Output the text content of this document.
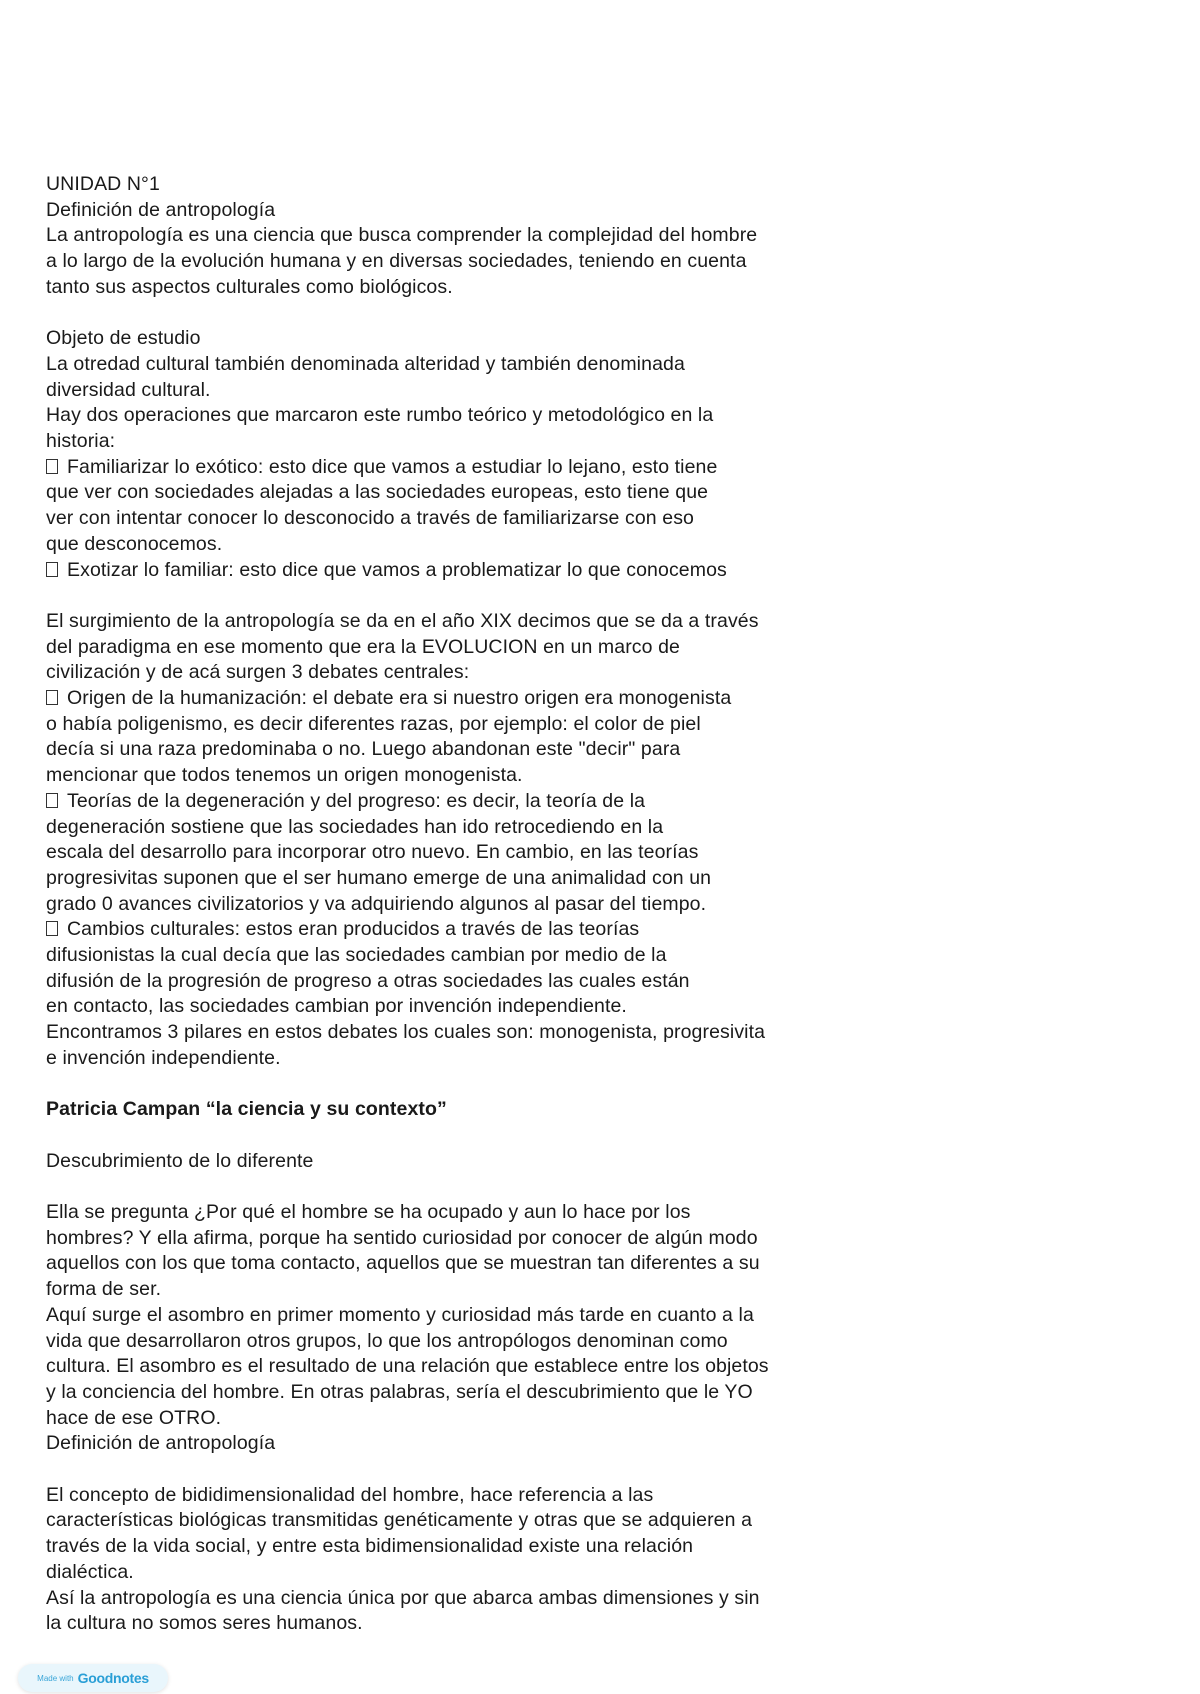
UNIDAD N°1
Definición de antropología
La antropología es una ciencia que busca comprender la complejidad del hombre
a lo largo de la evolución humana y en diversas sociedades, teniendo en cuenta
tanto sus aspectos culturales como biológicos.
Objeto de estudio
La otredad cultural también denominada alteridad y también denominada
diversidad cultural.
Hay dos operaciones que marcaron este rumbo teórico y metodológico en la
historia:
Familiarizar lo exótico: esto dice que vamos a estudiar lo lejano, esto tiene
que ver con sociedades alejadas a las sociedades europeas, esto tiene que
ver con intentar conocer lo desconocido a través de familiarizarse con eso
que desconocemos.
Exotizar lo familiar: esto dice que vamos a problematizar lo que conocemos
El surgimiento de la antropología se da en el año XIX decimos que se da a través
del paradigma en ese momento que era la EVOLUCION en un marco de
civilización y de acá surgen 3 debates centrales:
Origen de la humanización: el debate era si nuestro origen era monogenista
o había poligenismo, es decir diferentes razas, por ejemplo: el color de piel
decía si una raza predominaba o no. Luego abandonan este "decir" para
mencionar que todos tenemos un origen monogenista.
Teorías de la degeneración y del progreso: es decir, la teoría de la
degeneración sostiene que las sociedades han ido retrocediendo en la
escala del desarrollo para incorporar otro nuevo. En cambio, en las teorías
progresivitas suponen que el ser humano emerge de una animalidad con un
grado 0 avances civilizatorios y va adquiriendo algunos al pasar del tiempo.
Cambios culturales: estos eran producidos a través de las teorías
difusionistas la cual decía que las sociedades cambian por medio de la
difusión de la progresión de progreso a otras sociedades las cuales están
en contacto, las sociedades cambian por invención independiente.
Encontramos 3 pilares en estos debates los cuales son: monogenista, progresivita
e invención independiente.
Patricia Campan “la ciencia y su contexto”
Descubrimiento de lo diferente
Ella se pregunta ¿Por qué el hombre se ha ocupado y aun lo hace por los
hombres? Y ella afirma, porque ha sentido curiosidad por conocer de algún modo
aquellos con los que toma contacto, aquellos que se muestran tan diferentes a su
forma de ser.
Aquí surge el asombro en primer momento y curiosidad más tarde en cuanto a la
vida que desarrollaron otros grupos, lo que los antropólogos denominan como
cultura. El asombro es el resultado de una relación que establece entre los objetos
y la conciencia del hombre. En otras palabras, sería el descubrimiento que le YO
hace de ese OTRO.
Definición de antropología
El concepto de bididimensionalidad del hombre, hace referencia a las
características biológicas transmitidas genéticamente y otras que se adquieren a
través de la vida social, y entre esta bidimensionalidad existe una relación
dialéctica.
Así la antropología es una ciencia única por que abarca ambas dimensiones y sin
la cultura no somos seres humanos.
Made with Goodnotes
